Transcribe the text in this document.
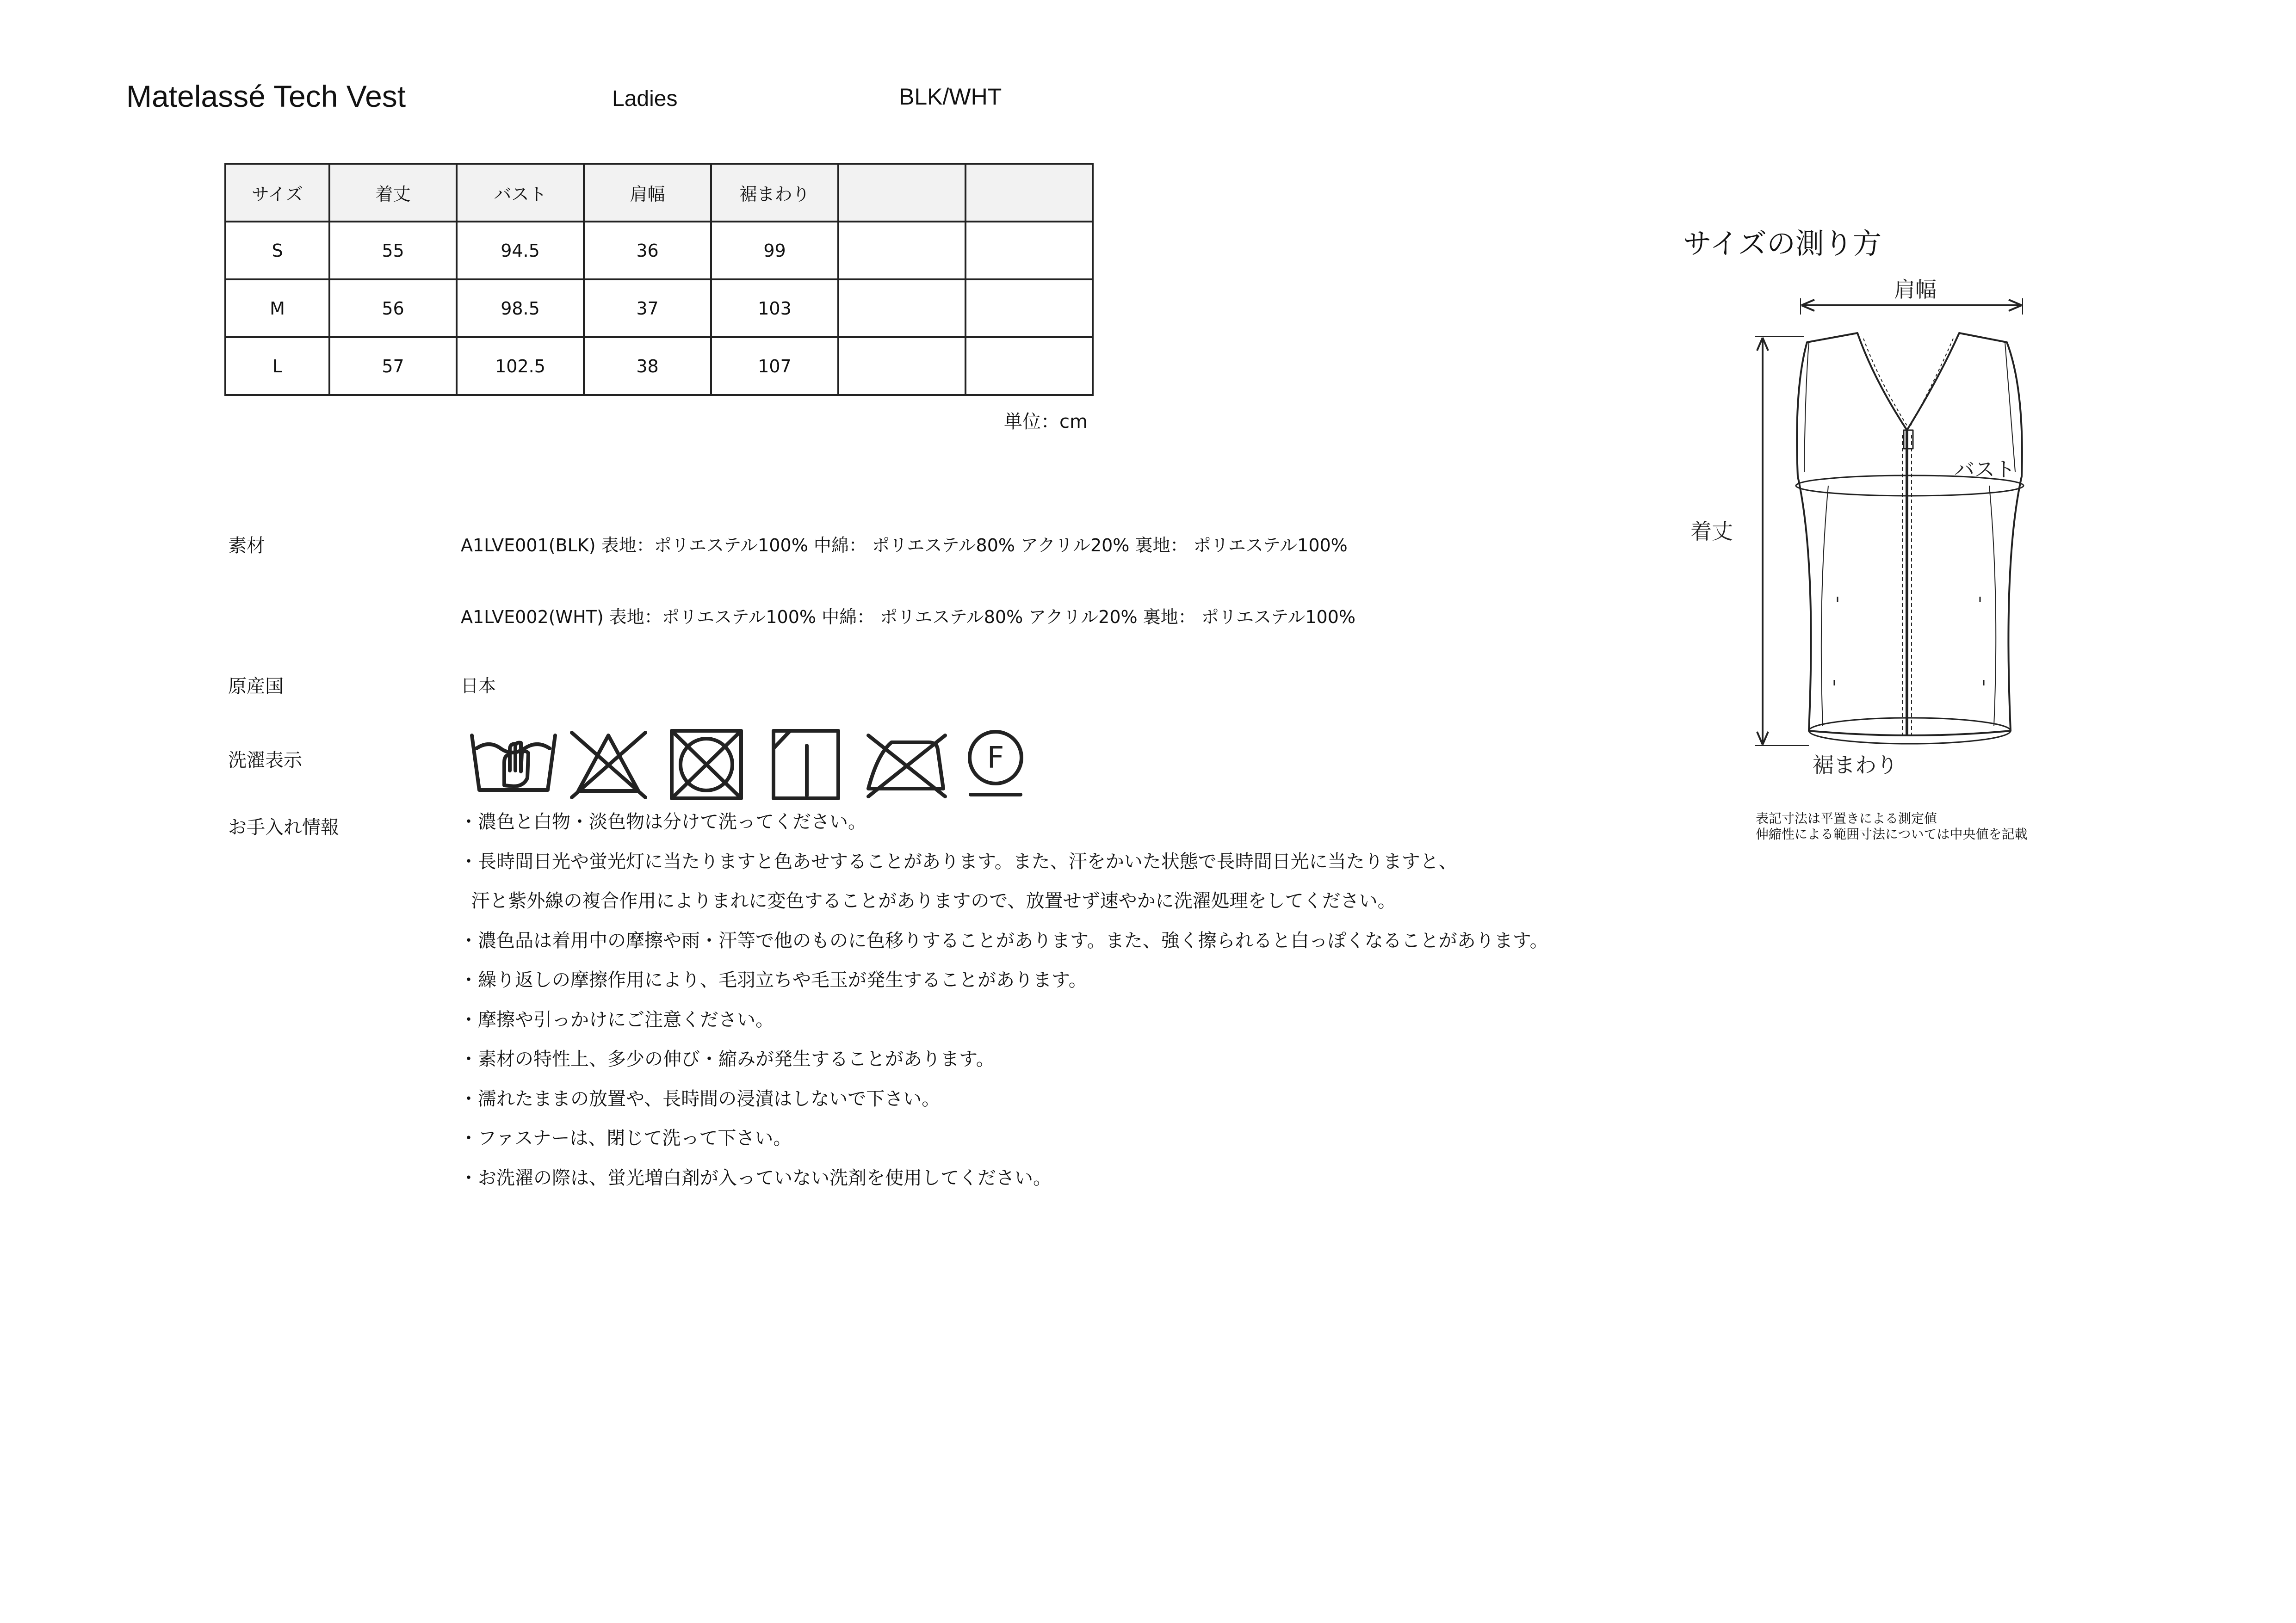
Matelassé Tech Vest	Ladies	BLK/WHT
サイズ	着丈	バスト	肩幅	裾まわり		
S	55	94.5	36	99		
M	56	98.5	37	103		
L	57	102.5	38	107		
単位：cm
素材	A1LVE001(BLK) 表地：ポリエステル100% 中綿： ポリエステル80% アクリル20% 裏地： ポリエステル100%
A1LVE002(WHT) 表地：ポリエステル100% 中綿： ポリエステル80% アクリル20% 裏地： ポリエステル100%
原産国	日本
洗濯表示	F
お手入れ情報	・濃色と白物・淡色物は分けて洗ってください。
・長時間日光や蛍光灯に当たりますと色あせすることがあります。また、汗をかいた状態で長時間日光に当たりますと、
汗と紫外線の複合作用によりまれに変色することがありますので、放置せず速やかに洗濯処理をしてください。
・濃色品は着用中の摩擦や雨・汗等で他のものに色移りすることがあります。また、強く擦られると白っぽくなることがあります。
・繰り返しの摩擦作用により、毛羽立ちや毛玉が発生することがあります。
・摩擦や引っかけにご注意ください。
・素材の特性上、多少の伸び・縮みが発生することがあります。
・濡れたままの放置や、長時間の浸漬はしないで下さい。
・ファスナーは、閉じて洗って下さい。
・お洗濯の際は、蛍光増白剤が入っていない洗剤を使用してください。
サイズの測り方
肩幅
着丈
バスト
裾まわり
表記寸法は平置きによる測定値
伸縮性による範囲寸法については中央値を記載
